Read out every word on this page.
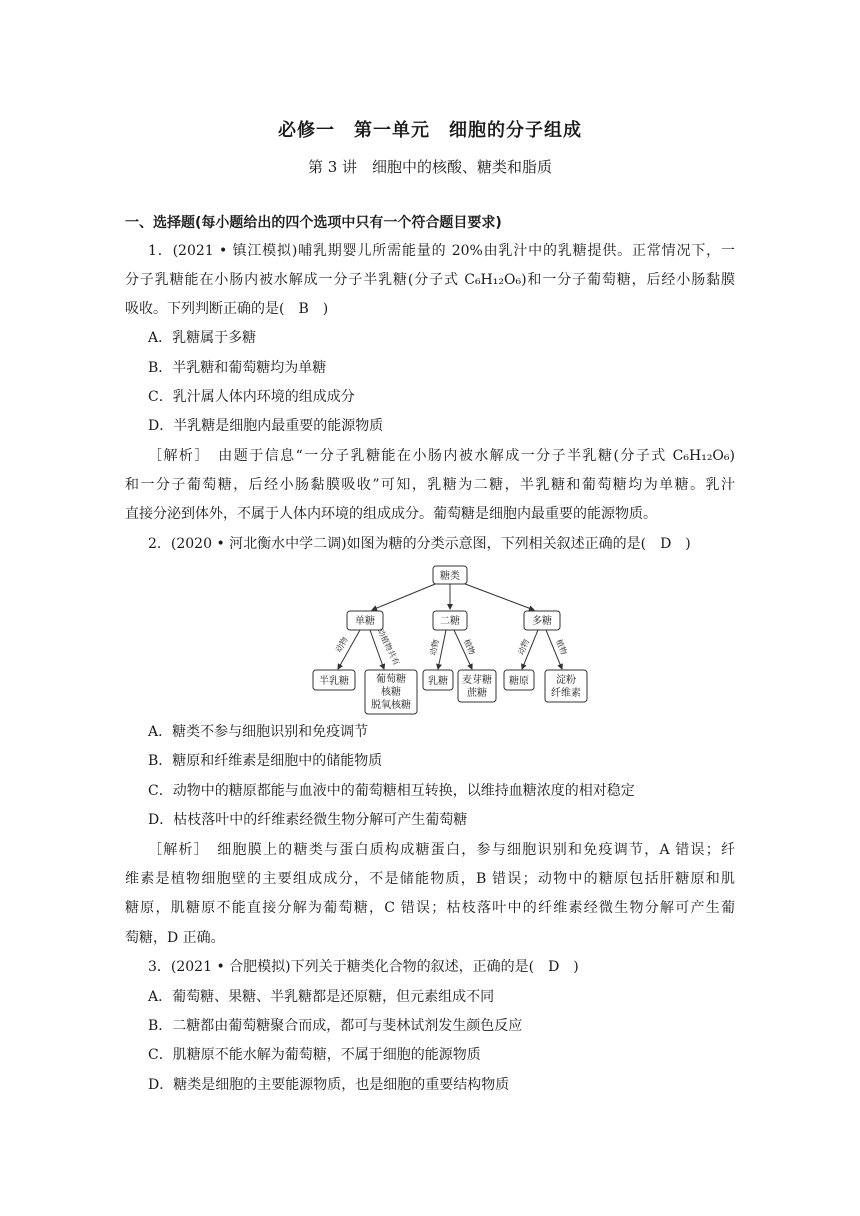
必修一　第一单元　细胞的分子组成
第 3 讲　细胞中的核酸、糖类和脂质
一、选择题(每小题给出的四个选项中只有一个符合题目要求)
1．(2021 • 镇江模拟)哺乳期婴儿所需能量的 20%由乳汁中的乳糖提供。正常情况下，一
分子乳糖能在小肠内被水解成一分子半乳糖(分子式 C₆H₁₂O₆)和一分子葡萄糖，后经小肠黏膜
吸收。下列判断正确的是(　B　)
A．乳糖属于多糖
B．半乳糖和葡萄糖均为单糖
C．乳汁属人体内环境的组成成分
D．半乳糖是细胞内最重要的能源物质
［解析］　由题于信息“一分子乳糖能在小肠内被水解成一分子半乳糖(分子式 C₆H₁₂O₆)
和一分子葡萄糖，后经小肠黏膜吸收”可知，乳糖为二糖，半乳糖和葡萄糖均为单糖。乳汁
直接分泌到体外，不属于人体内环境的组成成分。葡萄糖是细胞内最重要的能源物质。
2．(2020 • 河北衡水中学二调)如图为糖的分类示意图，下列相关叙述正确的是(　D　)
糖类
单糖	二糖	多糖
半乳糖	葡萄糖
核糖
脱氧核糖
乳糖 麦芽糖
蔗糖
糖原	淀粉
纤维素
动物	动植物共有	动物	植物	动物	植物
A．糖类不参与细胞识别和免疫调节
B．糖原和纤维素是细胞中的储能物质
C．动物中的糖原都能与血液中的葡萄糖相互转换，以维持血糖浓度的相对稳定
D．枯枝落叶中的纤维素经微生物分解可产生葡萄糖
［解析］　细胞膜上的糖类与蛋白质构成糖蛋白，参与细胞识别和免疫调节，A 错误；纤
维素是植物细胞壁的主要组成成分，不是储能物质，B 错误；动物中的糖原包括肝糖原和肌
糖原，肌糖原不能直接分解为葡萄糖，C 错误；枯枝落叶中的纤维素经微生物分解可产生葡
萄糖，D 正确。
3．(2021 • 合肥模拟)下列关于糖类化合物的叙述，正确的是(　D　)
A．葡萄糖、果糖、半乳糖都是还原糖，但元素组成不同
B．二糖都由葡萄糖聚合而成，都可与斐林试剂发生颜色反应
C．肌糖原不能水解为葡萄糖，不属于细胞的能源物质
D．糖类是细胞的主要能源物质，也是细胞的重要结构物质
